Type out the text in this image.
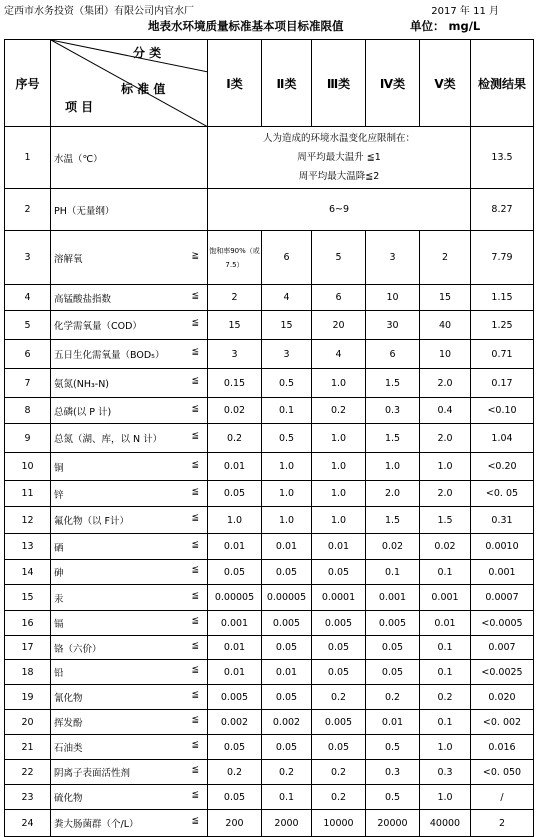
定西市水务投资（集团）有限公司内官水厂	2017 年 11 月
地表水环境质量标准基本项目标准限值	单位： mg/L
序号	分 类
标 准 值
项 目	Ⅰ类	Ⅱ类	Ⅲ类	Ⅳ类	Ⅴ类	检测结果
1	水温（℃）	人为造成的环境水温变化应限制在：
周平均最大温升 ≦1
周平均最大温降≦2					13.5
2	PH（无量纲）	6~9					8.27
3	溶解氧 ≧	饱和率90%（或7.5）	6	5	3	2	7.79
4	高锰酸盐指数 ≦	2	4	6	10	15	1.15
5	化学需氧量（COD） ≦	15	15	20	30	40	1.25
6	五日生化需氧量（BOD₅） ≦	3	3	4	6	10	0.71
7	氨氮(NH₃-N) ≦	0.15	0.5	1.0	1.5	2.0	0.17
8	总磷(以 P 计) ≦	0.02	0.1	0.2	0.3	0.4	<0.10
9	总氮（湖、库，以 N 计） ≦	0.2	0.5	1.0	1.5	2.0	1.04
10	铜 ≦	0.01	1.0	1.0	1.0	1.0	<0.20
11	锌 ≦	0.05	1.0	1.0	2.0	2.0	<0. 05
12	氟化物（以 F计） ≦	1.0	1.0	1.0	1.5	1.5	0.31
13	硒 ≦	0.01	0.01	0.01	0.02	0.02	0.0010
14	砷 ≦	0.05	0.05	0.05	0.1	0.1	0.001
15	汞 ≦	0.00005	0.00005	0.0001	0.001	0.001	0.0007
16	镉 ≦	0.001	0.005	0.005	0.005	0.01	<0.0005
17	铬（六价） ≦	0.01	0.05	0.05	0.05	0.1	0.007
18	铅 ≦	0.01	0.01	0.05	0.05	0.1	<0.0025
19	氰化物 ≦	0.005	0.05	0.2	0.2	0.2	0.020
20	挥发酚 ≦	0.002	0.002	0.005	0.01	0.1	<0. 002
21	石油类 ≦	0.05	0.05	0.05	0.5	1.0	0.016
22	阴离子表面活性剂 ≦	0.2	0.2	0.2	0.3	0.3	<0. 050
23	硫化物 ≦	0.05	0.1	0.2	0.5	1.0	/
24	粪大肠菌群（个/L） ≦	200	2000	10000	20000	40000	2
